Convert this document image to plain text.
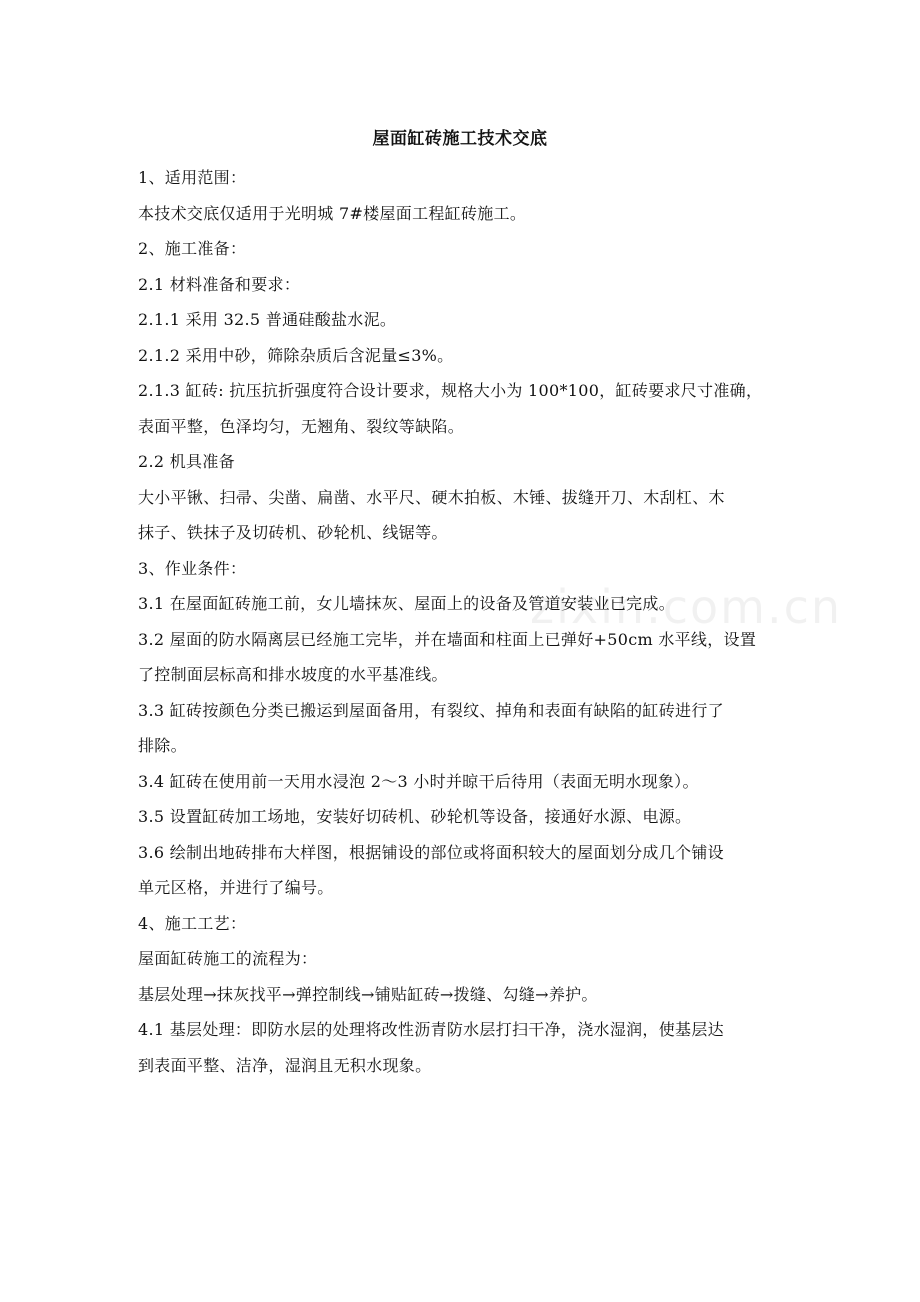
屋面缸砖施工技术交底
1、适用范围：
本技术交底仅适用于光明城 7#楼屋面工程缸砖施工。
2、施工准备：
2.1 材料准备和要求：
2.1.1 采用 32.5 普通硅酸盐水泥。
2.1.2 采用中砂，筛除杂质后含泥量≤3%。
2.1.3 缸砖: 抗压抗折强度符合设计要求，规格大小为 100*100，缸砖要求尺寸准确，
表面平整，色泽均匀，无翘角、裂纹等缺陷。
2.2 机具准备
大小平锹、扫帚、尖凿、扁凿、水平尺、硬木拍板、木锤、拔缝开刀、木刮杠、木
抹子、铁抹子及切砖机、砂轮机、线锯等。
3、作业条件：
3.1 在屋面缸砖施工前，女儿墙抹灰、屋面上的设备及管道安装业已完成。
3.2 屋面的防水隔离层已经施工完毕，并在墙面和柱面上已弹好+50cm 水平线，设置
了控制面层标高和排水坡度的水平基准线。
3.3 缸砖按颜色分类已搬运到屋面备用，有裂纹、掉角和表面有缺陷的缸砖进行了
排除。
3.4 缸砖在使用前一天用水浸泡 2～3 小时并晾干后待用（表面无明水现象）。
3.5 设置缸砖加工场地，安装好切砖机、砂轮机等设备，接通好水源、电源。
3.6 绘制出地砖排布大样图，根据铺设的部位或将面积较大的屋面划分成几个铺设
单元区格，并进行了编号。
4、施工工艺：
屋面缸砖施工的流程为：
基层处理→抹灰找平→弹控制线→铺贴缸砖→拨缝、勾缝→养护。
4.1 基层处理：即防水层的处理将改性沥青防水层打扫干净，浇水湿润，使基层达
到表面平整、洁净，湿润且无积水现象。
zixin.com.cn
